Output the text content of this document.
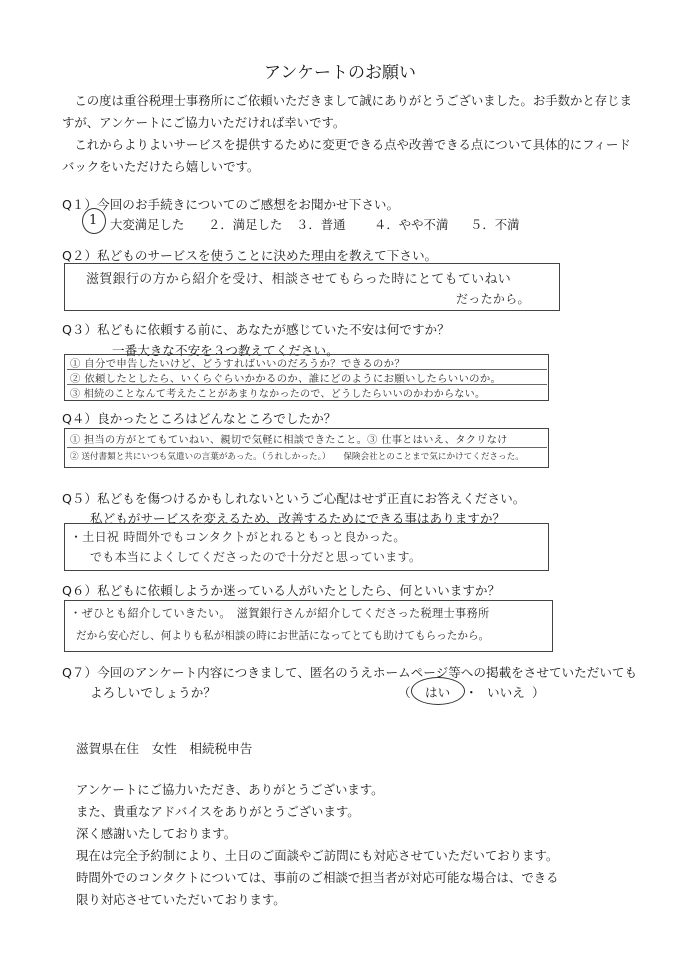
アンケートのお願い
　この度は重谷税理士事務所にご依頼いただきまして誠にありがとうございました。お手数かと存じま
すが、アンケートにご協力いただければ幸いです。
　これからよりよいサービスを提供するために変更できる点や改善できる点について具体的にフィード
バックをいただけたら嬉しいです。
Q１）今回のお手続きについてのご感想をお聞かせ下さい。
1 大変満足した ２．満足した ３．普通 ４．やや不満 ５．不満
Q２）私どものサービスを使うことに決めた理由を教えて下さい。
滋賀銀行の方から紹介を受け、相談させてもらった時にとてもていねい
だったから。
Q３）私どもに依頼する前に、あなたが感じていた不安は何ですか？
一番大きな不安を３つ教えてください。
① 自分で申告したいけど、どうすればいいのだろうか？できるのか？
② 依頼したとしたら、いくらぐらいかかるのか、誰にどのようにお願いしたらいいのか。
③ 相続のことなんて考えたことがあまりなかったので、どうしたらいいのかわからない。
Q４）良かったところはどんなところでしたか？
① 担当の方がとてもていねい、親切で気軽に相談できたこと。③ 仕事とはいえ、タクリなけ
② 送付書類と共にいつも気遣いの言葉があった。（うれしかった。）　　保険会社とのことまで気にかけてくださった。
Q５）私どもを傷つけるかもしれないというご心配はせず正直にお答えください。
私どもがサービスを変えるため、改善するためにできる事はありますか？
・土日祝 時間外でもコンタクトがとれるともっと良かった。
でも本当によくしてくださったので十分だと思っています。
Q６）私どもに依頼しようか迷っている人がいたとしたら、何といいますか？
・ぜひとも紹介していきたい。　滋賀銀行さんが紹介してくださった税理士事務所
だから安心だし、何よりも私が相談の時にお世話になってとても助けてもらったから。
Q７）今回のアンケート内容につきまして、匿名のうえホームページ等への掲載をさせていただいても
よろしいでしょうか？	（ はい ・ いいえ ）
滋賀県在住　女性　相続税申告
アンケートにご協力いただき、ありがとうございます。
また、貴重なアドバイスをありがとうございます。
深く感謝いたしております。
現在は完全予約制により、土日のご面談やご訪問にも対応させていただいております。
時間外でのコンタクトについては、事前のご相談で担当者が対応可能な場合は、できる
限り対応させていただいております。
